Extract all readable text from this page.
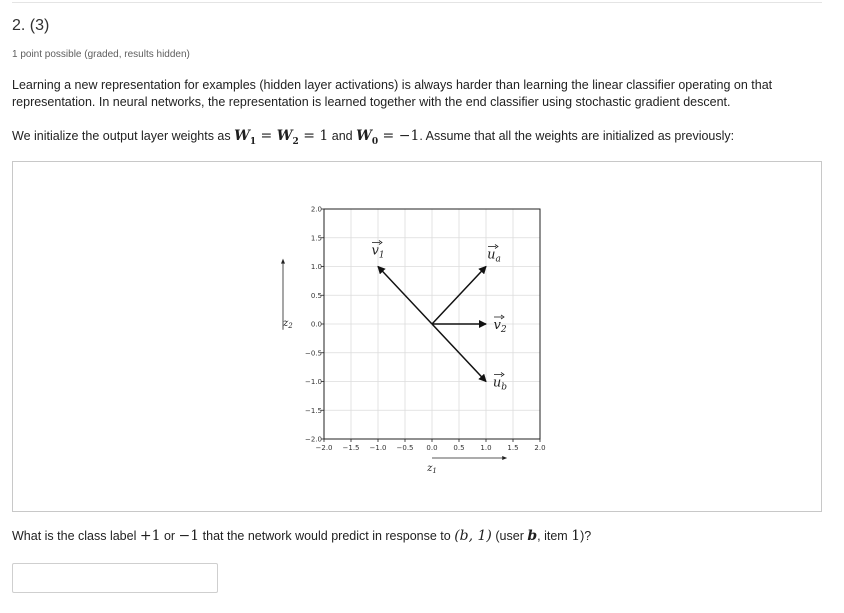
2. (3)
1 point possible (graded, results hidden)

Learning a new representation for examples (hidden layer activations) is always harder than learning the linear classifier operating on that representation. In neural networks, the representation is learned together with the end classifier using stochastic gradient descent.

We initialize the output layer weights as $W_1 = W_2 = 1$ and $W_0 = -1$. Assume that all the weights are initialized as previously:

−2.0 −1.5 −1.0 −0.5 0.0 0.5 1.0 1.5 2.0
2.0
1.5
1.0
0.5
0.0
−0.5
−1.0
−1.5
−2.0
$z_1$
$z_2$
$v_1$	$u_a$
$v_2$
$u_b$
What is the class label +1 or −1 that the network would predict in response to (b, 1) (user b, item 1)?
